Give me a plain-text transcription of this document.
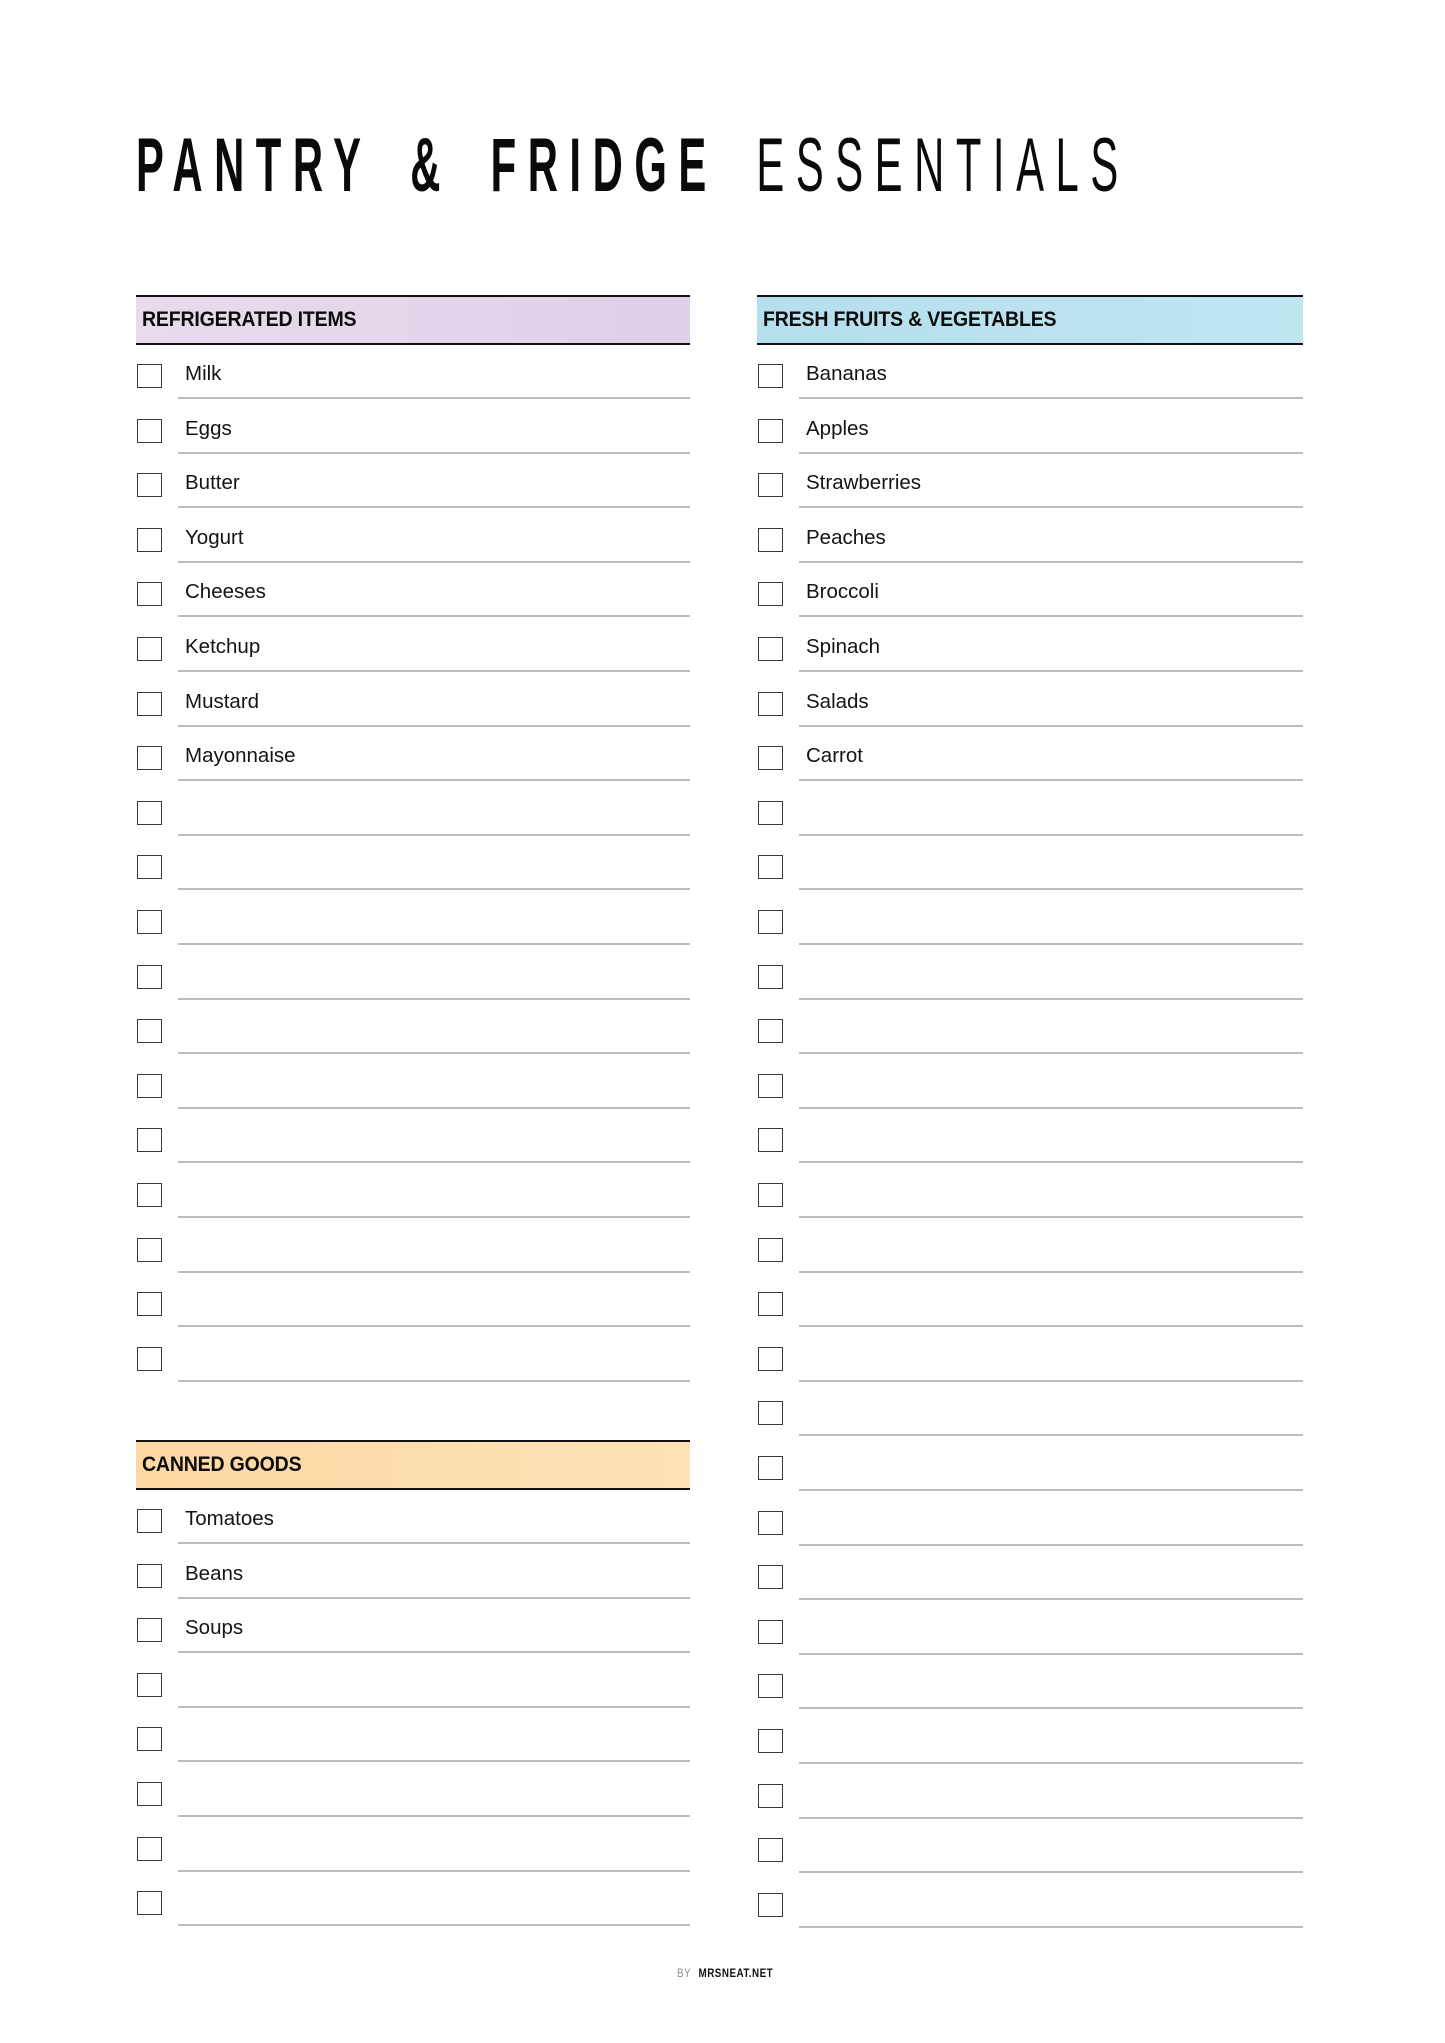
PANTRY & FRIDGE ESSENTIALS
REFRIGERATED ITEMS
Milk
Eggs
Butter
Yogurt
Cheeses
Ketchup
Mustard
Mayonnaise
CANNED GOODS
Tomatoes
Beans
Soups
FRESH FRUITS & VEGETABLES
Bananas
Apples
Strawberries
Peaches
Broccoli
Spinach
Salads
Carrot
BY MRSNEAT.NET
